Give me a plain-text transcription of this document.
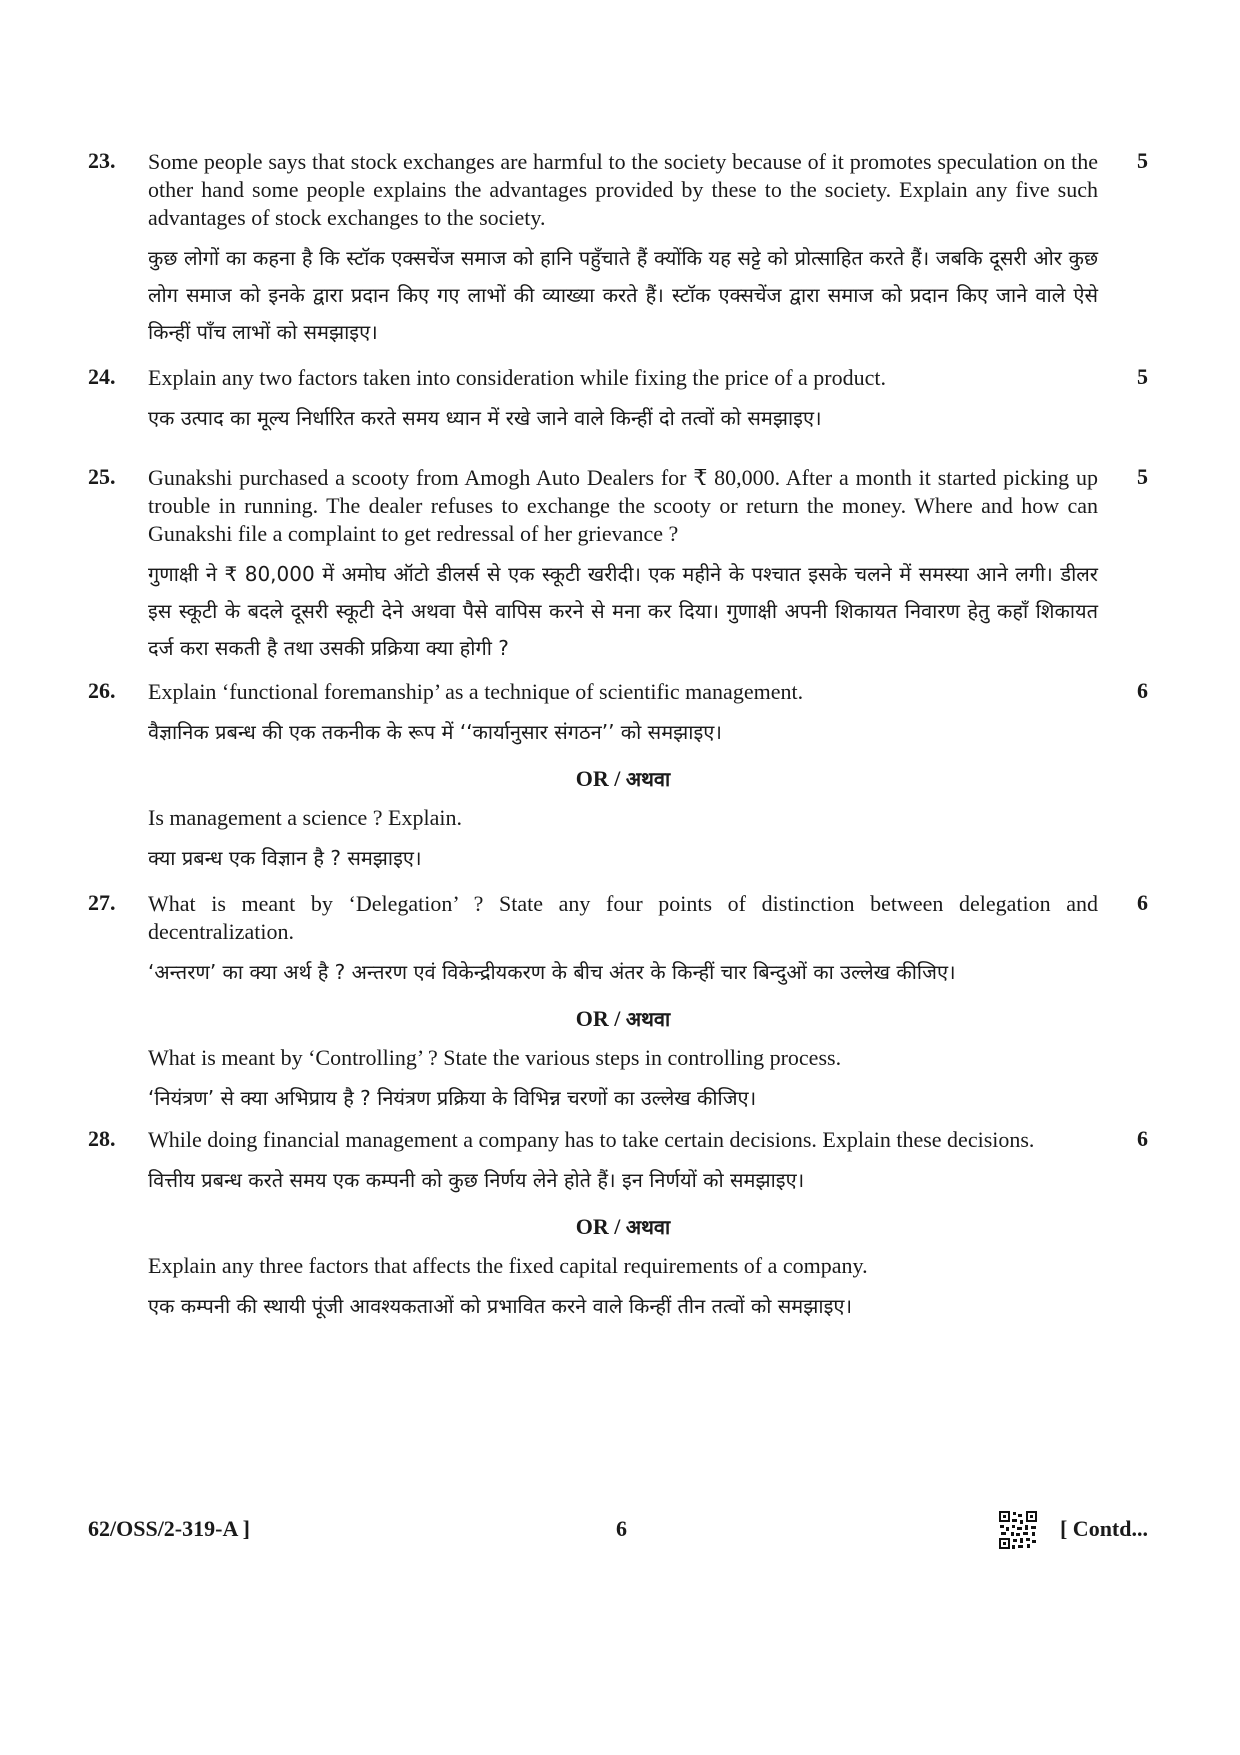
23.	5

Some people says that stock exchanges are harmful to the society because of it promotes speculation on the other hand some people explains the advantages provided by these to the society. Explain any five such advantages of stock exchanges to the society.

कुछ लोगों का कहना है कि स्टॉक एक्सचेंज समाज को हानि पहुँचाते हैं क्योंकि यह सट्टे को प्रोत्साहित करते हैं। जबकि दूसरी ओर कुछ लोग समाज को इनके द्वारा प्रदान किए गए लाभों की व्याख्या करते हैं। स्टॉक एक्सचेंज द्वारा समाज को प्रदान किए जाने वाले ऐसे किन्हीं पाँच लाभों को समझाइए।

24.	5

Explain any two factors taken into consideration while fixing the price of a product.

एक उत्पाद का मूल्य निर्धारित करते समय ध्यान में रखे जाने वाले किन्हीं दो तत्वों को समझाइए।

25.	5

Gunakshi purchased a scooty from Amogh Auto Dealers for ₹ 80,000. After a month it started picking up trouble in running. The dealer refuses to exchange the scooty or return the money. Where and how can Gunakshi file a complaint to get redressal of her grievance ?

गुणाक्षी ने ₹ 80,000 में अमोघ ऑटो डीलर्स से एक स्कूटी खरीदी। एक महीने के पश्चात इसके चलने में समस्या आने लगी। डीलर इस स्कूटी के बदले दूसरी स्कूटी देने अथवा पैसे वापिस करने से मना कर दिया। गुणाक्षी अपनी शिकायत निवारण हेतु कहाँ शिकायत दर्ज करा सकती है तथा उसकी प्रक्रिया क्या होगी ?

26.	6

Explain ‘functional foremanship’ as a technique of scientific management.

वैज्ञानिक प्रबन्ध की एक तकनीक के रूप में ‘‘कार्यानुसार संगठन’’ को समझाइए।

OR / अथवा

Is management a science ? Explain.

क्या प्रबन्ध एक विज्ञान है ? समझाइए।

27.	6

What is meant by ‘Delegation’ ? State any four points of distinction between delegation and decentralization.

‘अन्तरण’ का क्या अर्थ है ? अन्तरण एवं विकेन्द्रीयकरण के बीच अंतर के किन्हीं चार बिन्दुओं का उल्लेख कीजिए।

OR / अथवा

What is meant by ‘Controlling’ ? State the various steps in controlling process.

‘नियंत्रण’ से क्या अभिप्राय है ? नियंत्रण प्रक्रिया के विभिन्न चरणों का उल्लेख कीजिए।

28.	6

While doing financial management a company has to take certain decisions. Explain these decisions.

वित्तीय प्रबन्ध करते समय एक कम्पनी को कुछ निर्णय लेने होते हैं। इन निर्णयों को समझाइए।

OR / अथवा

Explain any three factors that affects the fixed capital requirements of a company.

एक कम्पनी की स्थायी पूंजी आवश्यकताओं को प्रभावित करने वाले किन्हीं तीन तत्वों को समझाइए।

62/OSS/2-319-A ]	6	[ Contd...
